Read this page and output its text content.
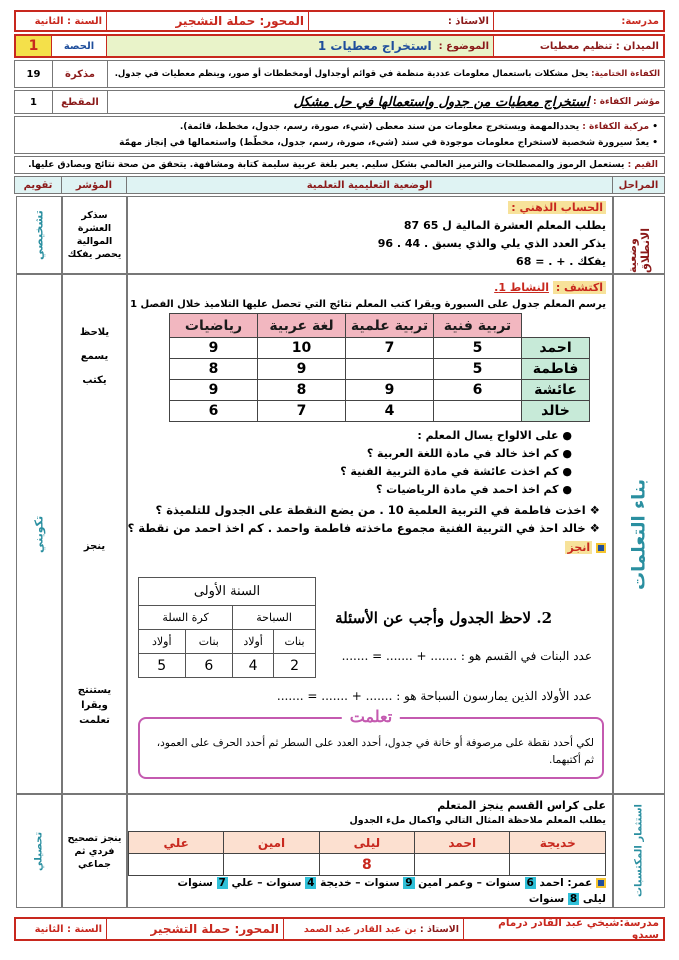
مدرسة:
الاستاذ :
المحور:

حملة التشجير
السنة : الثانية
الميدان :

تنظيم معطيات
الموضوع :

استخراج معطيات 1
الحصة
1
الكفاءة الختامية:

يحل مشكلات باستعمال معلومات عددية منظمة في قوائم أوجداول أومخططات أو صور، وينظم معطيات في جدول.
مذكرة
19
مؤشر الكفاءة :

استخراج معطيات من جدول واستعمالها في حل مشكل
المقطع
1
• مركبة الكفاءة : يحددالمهمة ويستخرج معلومات من سند معطى (شيء، صورة، رسم، جدول، مخطط، قائمة).
• يعدّ سيرورة شخصية لاستخراج معلومات موجودة في سند (شيء، صورة، رسم، جدول، مخطّط) واستعمالها في إنجاز مهمّة
القيم : يستعمل الرموز والمصطلحات والترميز العالمي بشكل سليم. يعبر بلغة عربية سليمة كتابة ومشافهة. يتحقق من صحة نتائج ويصادق عليها.
المراحل
الوضعية التعليمية التعلمية
المؤشر
تقويم
وضعية الانطلاق
الحساب الذهني :
يطلب المعلم العشرة المالية ل 65 87
يذكر العدد الذي يلي والذي يسبق . 44 . 96
يفكك . + . = 68
سذكر العشرة الموالية يحصر يفكك
تشخيصي
بناء التعلمات
اكتشف : النشاط 1.
يرسم المعلم جدول على السبورة ويقرا كتب المعلم نتائج التي تحصل عليها التلاميذ خلال الفصل 1
	تربية فنية	تربية علمية	لغة عربية	رياضيات
احمد	5	7	10	9
فاطمة	5		9	8
عائشة	6	9	8	9
خالد		4	7	6
● على الالواح يسال المعلم :
● كم اخذ خالد في مادة اللغة العربية ؟
● كم اخذت عائشة في مادة التربية الفنية ؟
● كم اخذ احمد في مادة الرياضيات ؟
❖ اخذت فاطمة في التربية العلمية 10 . من يضع النقطة على الجدول للتلميذة ؟
❖ خالد احذ في التربية الفنية مجموع ماخذته فاطمة واحمد . كم اخذ احمد من نقطة ؟
انجز
2. لاحظ الجدول وأجب عن الأسئلة
عدد البنات في القسم هو : ....... + ....... = .......
عدد الأولاد الذين يمارسون السباحة هو : ....... + ....... = .......
السنة الأولى			
السباحة		كرة السلة	
بنات	أولاد	بنات	أولاد
2	4	6	5
تعلمت
لكي أحدد نقطة على مرصوفة أو خانة في جدول، أحدد العدد على السطر ثم أحدد الحرف على العمود، ثم أكتبهما.
يلاحظ
يسمع
يكتب
ينجز
يستنتج ويقرا تعلمت
تكويني
استثمار المكتسبات
على كراس القسم ينجز المتعلم
يطلب المعلم ملاحظة المثال التالي واكمال ملء الجدول
خديجة	احمد	ليلى	امين	علي
		8		
عمر: احمد 6 سنوات – وعمر امين 9 سنوات – خديجة 4 سنوات – علي 7 سنوات
ليلى 8 سنوات
ينجز تصحيح فردي ثم جماعي
تحصيلي
مدرسة:شيخي عبد القادر درمام سيدو
الاستاذ :

بن عبد القادر عبد الصمد
المحور:

حملة التشجير
السنة : الثانية
